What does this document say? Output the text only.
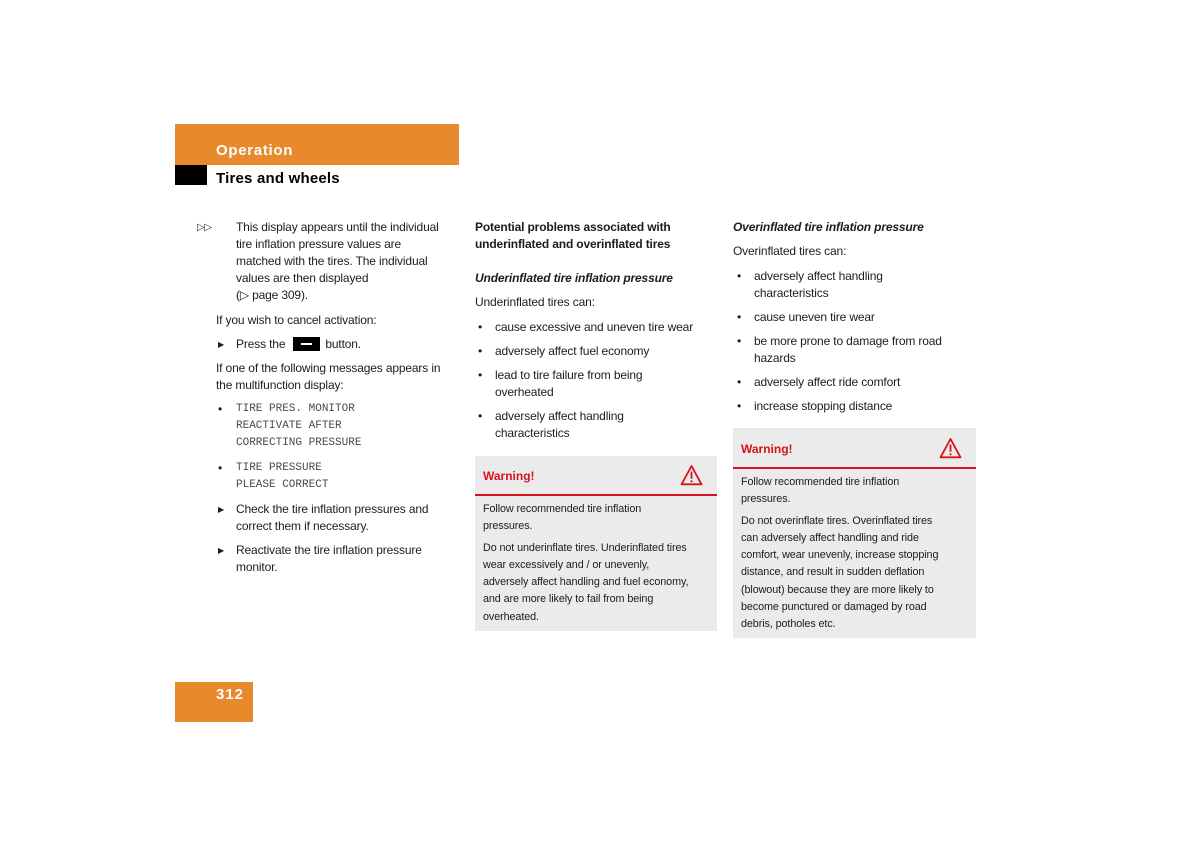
Operation
Tires and wheels
▷▷ This display appears until the individual
tire inflation pressure values are
matched with the tires. The individual
values are then displayed
(▷ page 309).
If you wish to cancel activation:
▶ Press the	button.
If one of the following messages appears in
the multifunction display:
• TIRE PRES. MONITOR
REACTIVATE AFTER
CORRECTING PRESSURE
• TIRE PRESSURE
PLEASE CORRECT
▶ Check the tire inflation pressures and
correct them if necessary.
▶ Reactivate the tire inflation pressure
monitor.
Potential problems associated with
underinflated and overinflated tires
Underinflated tire inflation pressure
Underinflated tires can:
• cause excessive and uneven tire wear
• adversely affect fuel economy
• lead to tire failure from being
overheated
• adversely affect handling
characteristics
Warning!

Follow recommended tire inflation
pressures.

Do not underinflate tires. Underinflated tires
wear excessively and / or unevenly,
adversely affect handling and fuel economy,
and are more likely to fail from being
overheated.

Overinflated tire inflation pressure
Overinflated tires can:
• adversely affect handling
characteristics
• cause uneven tire wear
• be more prone to damage from road
hazards
• adversely affect ride comfort
• increase stopping distance
Warning!

Follow recommended tire inflation
pressures.

Do not overinflate tires. Overinflated tires
can adversely affect handling and ride
comfort, wear unevenly, increase stopping
distance, and result in sudden deflation
(blowout) because they are more likely to
become punctured or damaged by road
debris, potholes etc.

312
